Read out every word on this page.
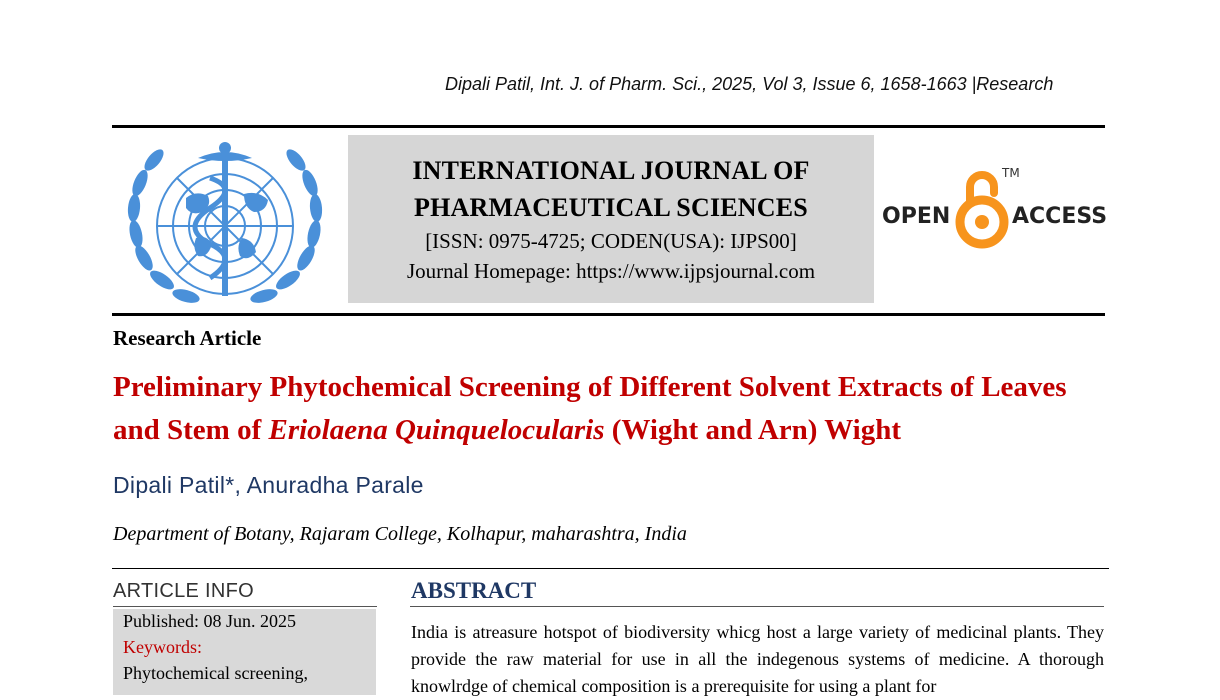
Dipali Patil, Int. J. of Pharm. Sci., 2025, Vol 3, Issue 6, 1658-1663 |Research
INTERNATIONAL JOURNAL OF
PHARMACEUTICAL SCIENCES
[ISSN: 0975-4725; CODEN(USA): IJPS00]
Journal Homepage: https://www.ijpsjournal.com
OPEN
TM
ACCESS
Research Article
Preliminary Phytochemical Screening of Different Solvent Extracts of Leaves and Stem of Eriolaena Quinquelocularis (Wight and Arn) Wight
Dipali Patil*, Anuradha Parale
Department of Botany, Rajaram College, Kolhapur, maharashtra, India
ARTICLE INFO
Published: 08 Jun. 2025
Keywords:
Phytochemical screening,
ABSTRACT
India is atreasure hotspot of biodiversity whicg host a large variety of medicinal plants. They provide the raw material for use in all the indegenous systems of medicine. A thorough knowlrdge of chemical composition is a prerequisite for using a plant for
